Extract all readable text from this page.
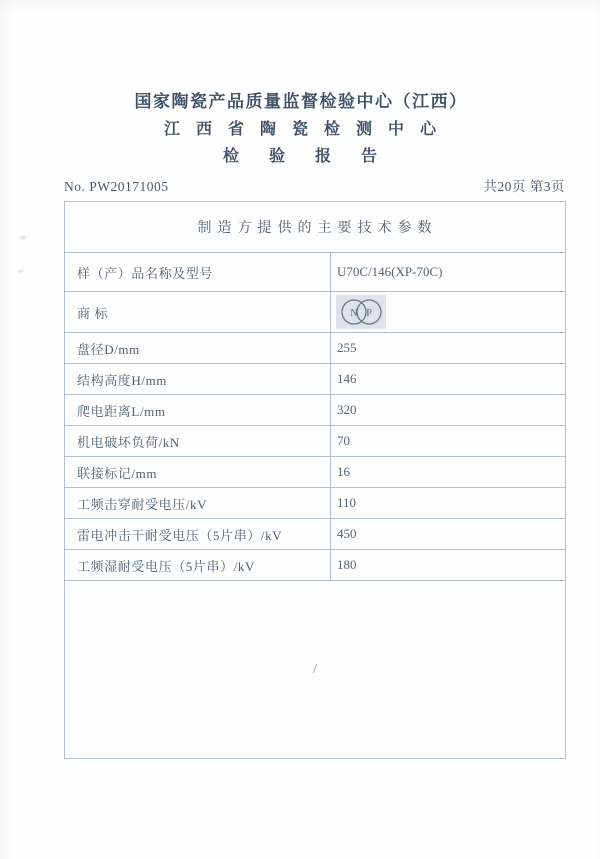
国家陶瓷产品质量监督检验中心（江西）
江西省陶瓷检测中心
检验报告
No. PW20171005	共20页 第3页
制造方提供的主要技术参数	
样（产）品名称及型号	U70C/146(XP-70C)
商 标	N P

盘径D/mm	255
结构高度H/mm	146
爬电距离L/mm	320
机电破坏负荷/kN	70
联接标记/mm	16
工频击穿耐受电压/kV	110
雷电冲击干耐受电压（5片串）/kV	450
工频湿耐受电压（5片串）/kV	180
/	
